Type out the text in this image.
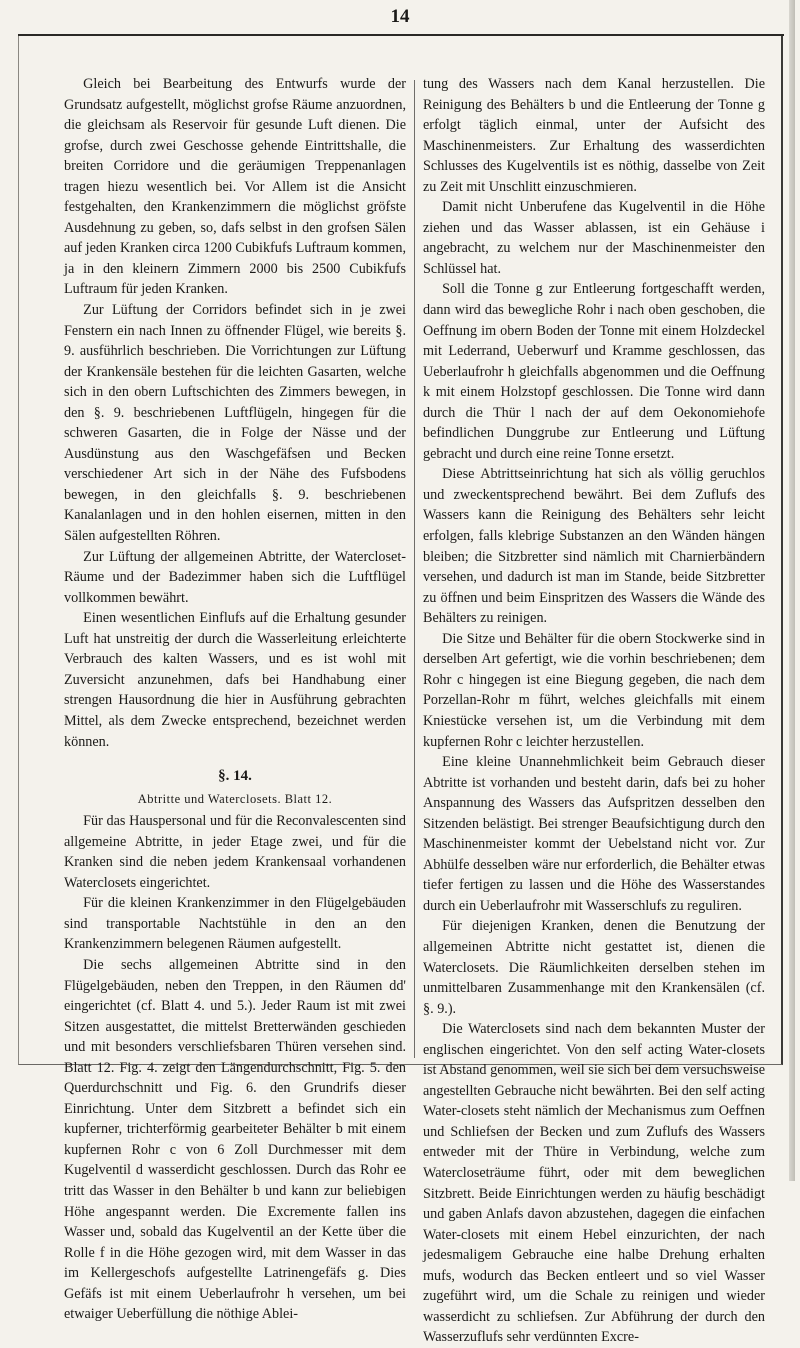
14

Gleich bei Bearbeitung des Entwurfs wurde der Grundsatz aufgestellt, möglichst grofse Räume anzuordnen, die gleichsam als Reservoir für gesunde Luft dienen. Die grofse, durch zwei Geschosse gehende Eintrittshalle, die breiten Corridore und die geräumigen Treppenanlagen tragen hiezu wesentlich bei. Vor Allem ist die Ansicht festgehalten, den Krankenzimmern die möglichst gröfste Ausdehnung zu geben, so, dafs selbst in den grofsen Sälen auf jeden Kranken circa 1200 Cubikfufs Luftraum kommen, ja in den kleinern Zimmern 2000 bis 2500 Cubikfufs Luftraum für jeden Kranken.

Zur Lüftung der Corridors befindet sich in je zwei Fenstern ein nach Innen zu öffnender Flügel, wie bereits §. 9. ausführlich beschrieben. Die Vorrichtungen zur Lüftung der Krankensäle bestehen für die leichten Gasarten, welche sich in den obern Luftschichten des Zimmers bewegen, in den §. 9. beschriebenen Luftflügeln, hingegen für die schweren Gasarten, die in Folge der Nässe und der Ausdünstung aus den Waschgefäfsen und Becken verschiedener Art sich in der Nähe des Fufsbodens bewegen, in den gleichfalls §. 9. beschriebenen Kanalanlagen und in den hohlen eisernen, mitten in den Sälen aufgestellten Röhren.

Zur Lüftung der allgemeinen Abtritte, der Watercloset-Räume und der Badezimmer haben sich die Luftflügel vollkommen bewährt.

Einen wesentlichen Einflufs auf die Erhaltung gesunder Luft hat unstreitig der durch die Wasserleitung erleichterte Verbrauch des kalten Wassers, und es ist wohl mit Zuversicht anzunehmen, dafs bei Handhabung einer strengen Hausordnung die hier in Ausführung gebrachten Mittel, als dem Zwecke entsprechend, bezeichnet werden können.

§. 14.
Abtritte und Waterclosets. Blatt 12.

Für das Hauspersonal und für die Reconvalescenten sind allgemeine Abtritte, in jeder Etage zwei, und für die Kranken sind die neben jedem Krankensaal vorhandenen Waterclosets eingerichtet.

Für die kleinen Krankenzimmer in den Flügelgebäuden sind transportable Nachtstühle in den an den Krankenzimmern belegenen Räumen aufgestellt.

Die sechs allgemeinen Abtritte sind in den Flügelgebäuden, neben den Treppen, in den Räumen dd' eingerichtet (cf. Blatt 4. und 5.). Jeder Raum ist mit zwei Sitzen ausgestattet, die mittelst Bretterwänden geschieden und mit besonders verschliefsbaren Thüren versehen sind. Blatt 12. Fig. 4. zeigt den Längendurchschnitt, Fig. 5. den Querdurchschnitt und Fig. 6. den Grundrifs dieser Einrichtung. Unter dem Sitzbrett a befindet sich ein kupferner, trichterförmig gearbeiteter Behälter b mit einem kupfernen Rohr c von 6 Zoll Durchmesser mit dem Kugelventil d wasserdicht geschlossen. Durch das Rohr ee tritt das Wasser in den Behälter b und kann zur beliebigen Höhe angespannt werden. Die Excremente fallen ins Wasser und, sobald das Kugelventil an der Kette über die Rolle f in die Höhe gezogen wird, mit dem Wasser in das im Kellergeschofs aufgestellte Latrinengefäfs g. Dies Gefäfs ist mit einem Ueberlaufrohr h versehen, um bei etwaiger Ueberfüllung die nöthige Ablei-

tung des Wassers nach dem Kanal herzustellen. Die Reinigung des Behälters b und die Entleerung der Tonne g erfolgt täglich einmal, unter der Aufsicht des Maschinenmeisters. Zur Erhaltung des wasserdichten Schlusses des Kugelventils ist es nöthig, dasselbe von Zeit zu Zeit mit Unschlitt einzuschmieren.

Damit nicht Unberufene das Kugelventil in die Höhe ziehen und das Wasser ablassen, ist ein Gehäuse i angebracht, zu welchem nur der Maschinenmeister den Schlüssel hat.

Soll die Tonne g zur Entleerung fortgeschafft werden, dann wird das bewegliche Rohr i nach oben geschoben, die Oeffnung im obern Boden der Tonne mit einem Holzdeckel mit Lederrand, Ueberwurf und Kramme geschlossen, das Ueberlaufrohr h gleichfalls abgenommen und die Oeffnung k mit einem Holzstopf geschlossen. Die Tonne wird dann durch die Thür l nach der auf dem Oekonomiehofe befindlichen Dunggrube zur Entleerung und Lüftung gebracht und durch eine reine Tonne ersetzt.

Diese Abtrittseinrichtung hat sich als völlig geruchlos und zweckentsprechend bewährt. Bei dem Zuflufs des Wassers kann die Reinigung des Behälters sehr leicht erfolgen, falls klebrige Substanzen an den Wänden hängen bleiben; die Sitzbretter sind nämlich mit Charnierbändern versehen, und dadurch ist man im Stande, beide Sitzbretter zu öffnen und beim Einspritzen des Wassers die Wände des Behälters zu reinigen.

Die Sitze und Behälter für die obern Stockwerke sind in derselben Art gefertigt, wie die vorhin beschriebenen; dem Rohr c hingegen ist eine Biegung gegeben, die nach dem Porzellan-Rohr m führt, welches gleichfalls mit einem Kniestücke versehen ist, um die Verbindung mit dem kupfernen Rohr c leichter herzustellen.

Eine kleine Unannehmlichkeit beim Gebrauch dieser Abtritte ist vorhanden und besteht darin, dafs bei zu hoher Anspannung des Wassers das Aufspritzen desselben den Sitzenden belästigt. Bei strenger Beaufsichtigung durch den Maschinenmeister kommt der Uebelstand nicht vor. Zur Abhülfe desselben wäre nur erforderlich, die Behälter etwas tiefer fertigen zu lassen und die Höhe des Wasserstandes durch ein Ueberlaufrohr mit Wasserschlufs zu reguliren.

Für diejenigen Kranken, denen die Benutzung der allgemeinen Abtritte nicht gestattet ist, dienen die Waterclosets. Die Räumlichkeiten derselben stehen im unmittelbaren Zusammenhange mit den Krankensälen (cf. §. 9.).

Die Waterclosets sind nach dem bekannten Muster der englischen eingerichtet. Von den self acting Water-closets ist Abstand genommen, weil sie sich bei dem versuchsweise angestellten Gebrauche nicht bewährten. Bei den self acting Water-closets steht nämlich der Mechanismus zum Oeffnen und Schliefsen der Becken und zum Zuflufs des Wassers entweder mit der Thüre in Verbindung, welche zum Watercloseträume führt, oder mit dem beweglichen Sitzbrett. Beide Einrichtungen werden zu häufig beschädigt und gaben Anlafs davon abzustehen, dagegen die einfachen Water-closets mit einem Hebel einzurichten, der nach jedesmaligem Gebrauche eine halbe Drehung erhalten mufs, wodurch das Becken entleert und so viel Wasser zugeführt wird, um die Schale zu reinigen und wieder wasserdicht zu schliefsen. Zur Abführung der durch den Wasserzuflufs sehr verdünnten Excre-
